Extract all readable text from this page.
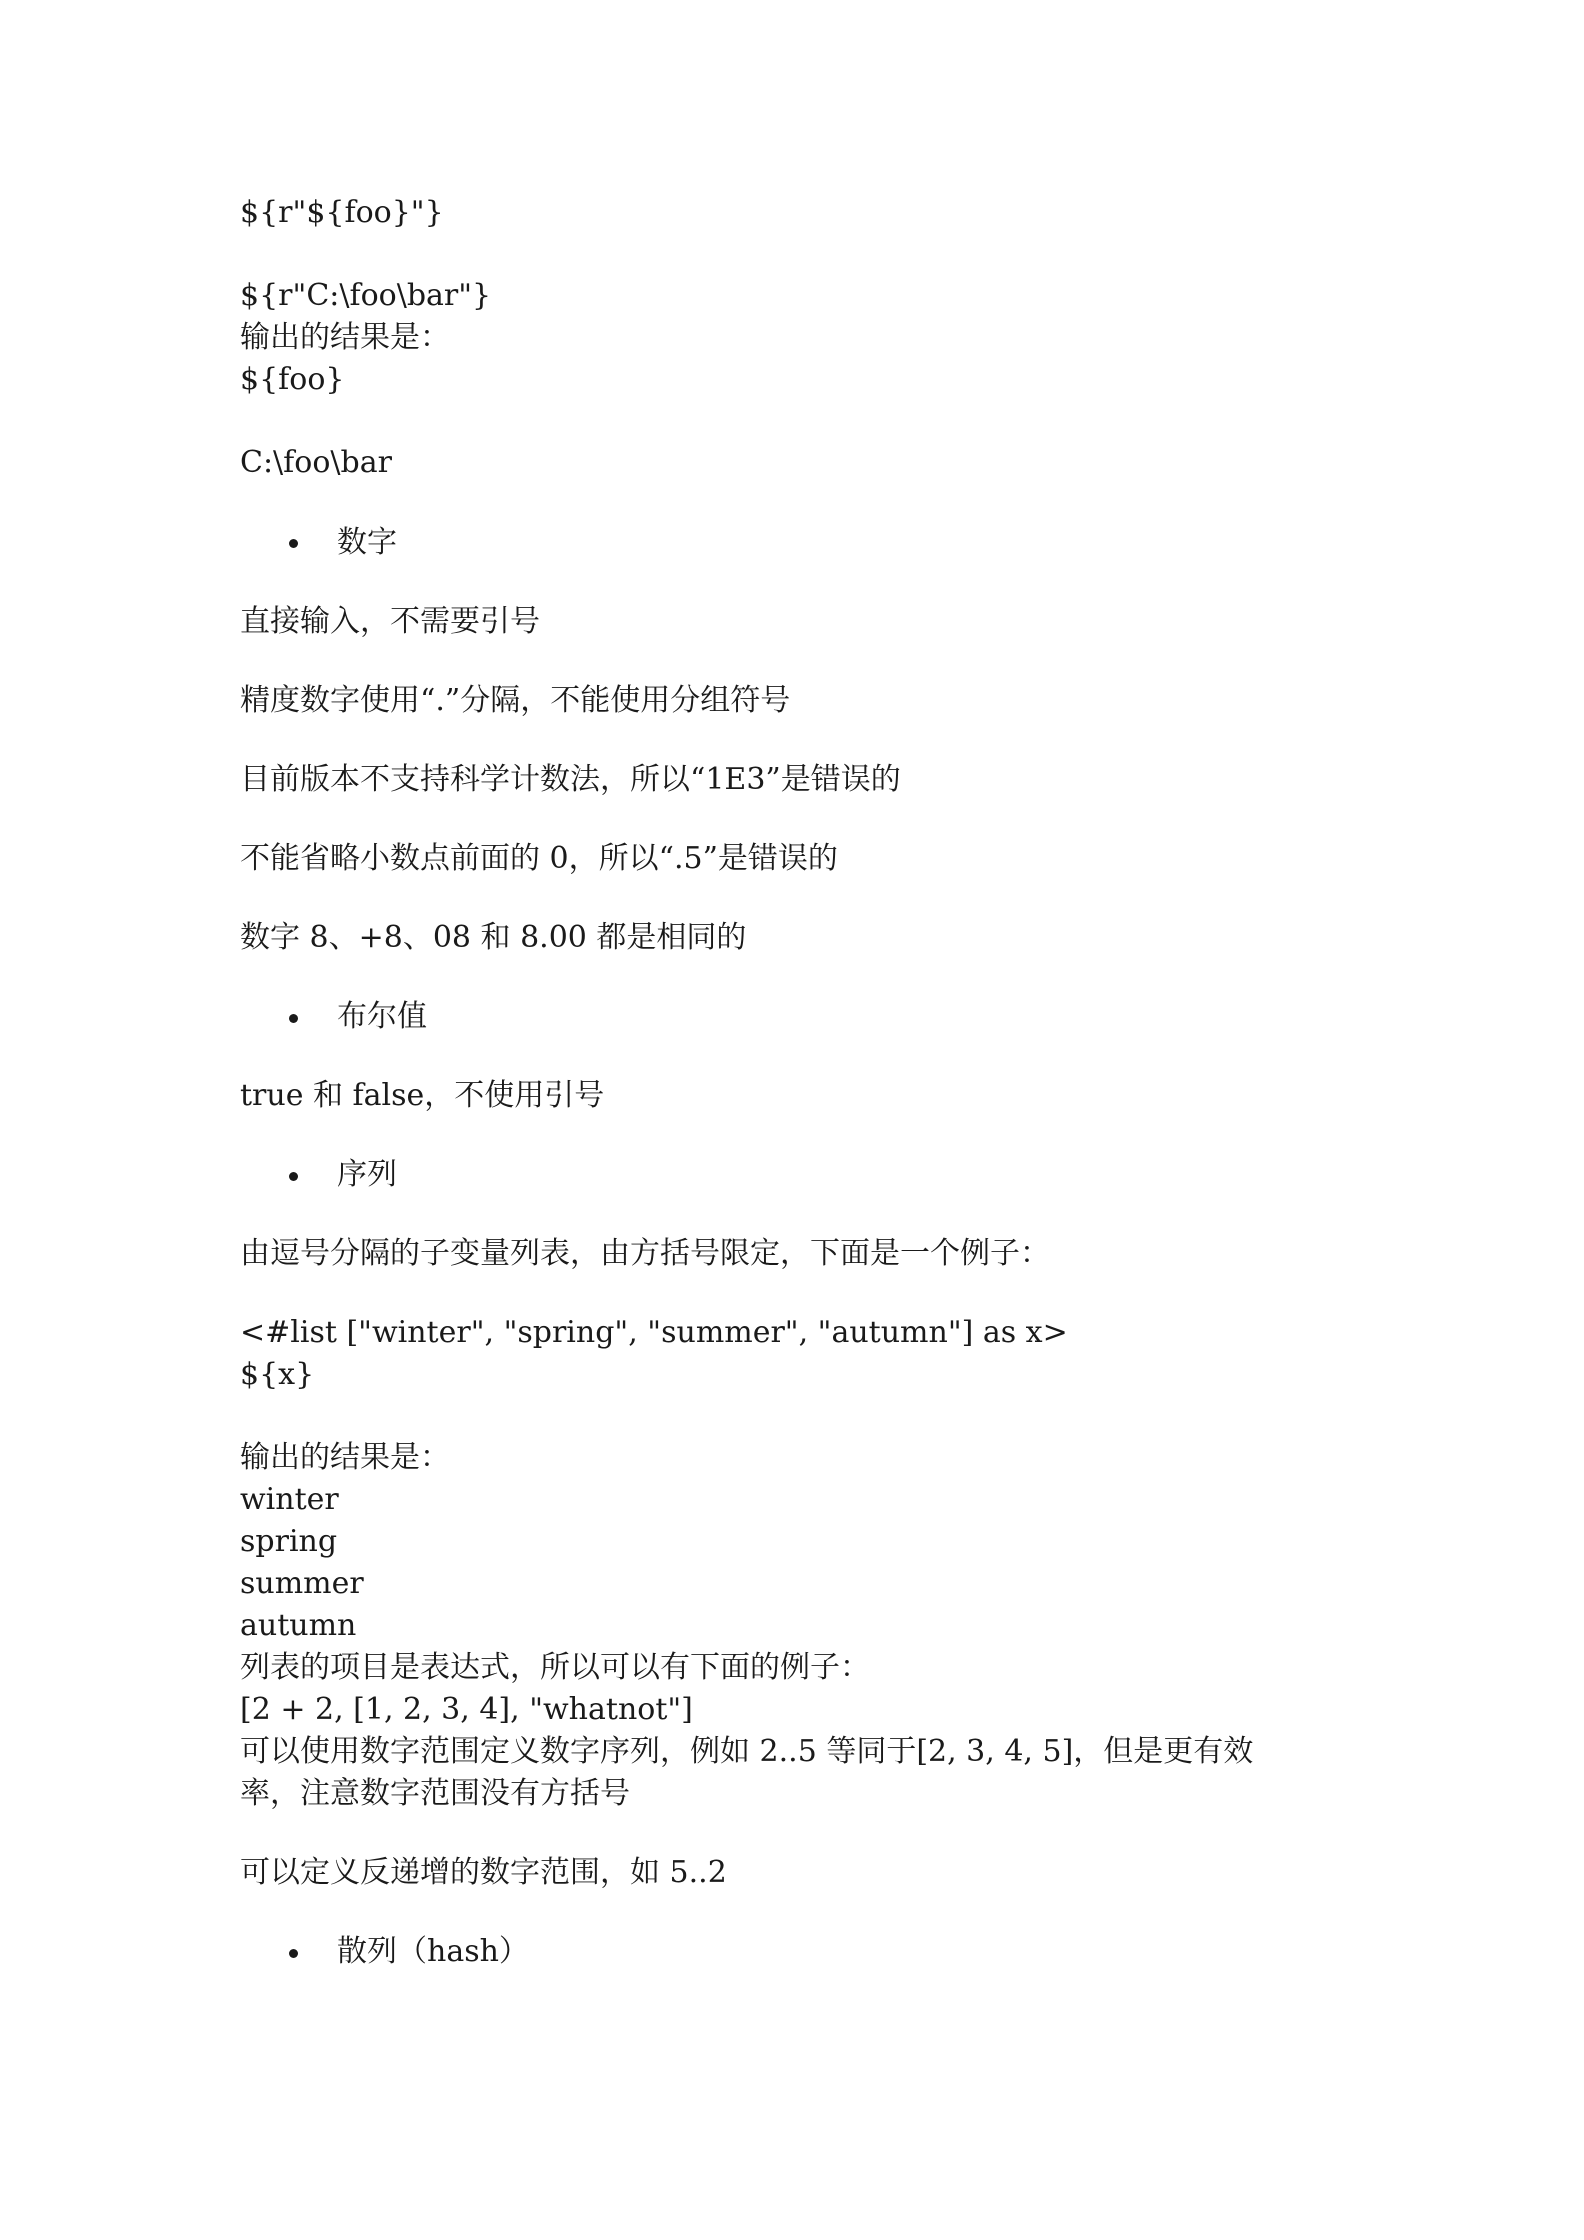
${r"${foo}"}
${r"C:\foo\bar"}
输出的结果是：
${foo}
C:\foo\bar
数字
直接输入，不需要引号
精度数字使用“.”分隔，不能使用分组符号
目前版本不支持科学计数法，所以“1E3”是错误的
不能省略小数点前面的 0，所以“.5”是错误的
数字 8、+8、08 和 8.00 都是相同的
布尔值
true 和 false，不使用引号
序列
由逗号分隔的子变量列表，由方括号限定，下面是一个例子：
<#list ["winter", "spring", "summer", "autumn"] as x>
${x}
输出的结果是：
winter
spring
summer
autumn
列表的项目是表达式，所以可以有下面的例子：
[2 + 2, [1, 2, 3, 4], "whatnot"]
可以使用数字范围定义数字序列，例如 2..5 等同于[2, 3, 4, 5]，但是更有效
率，注意数字范围没有方括号
可以定义反递增的数字范围，如 5..2
散列（hash）
